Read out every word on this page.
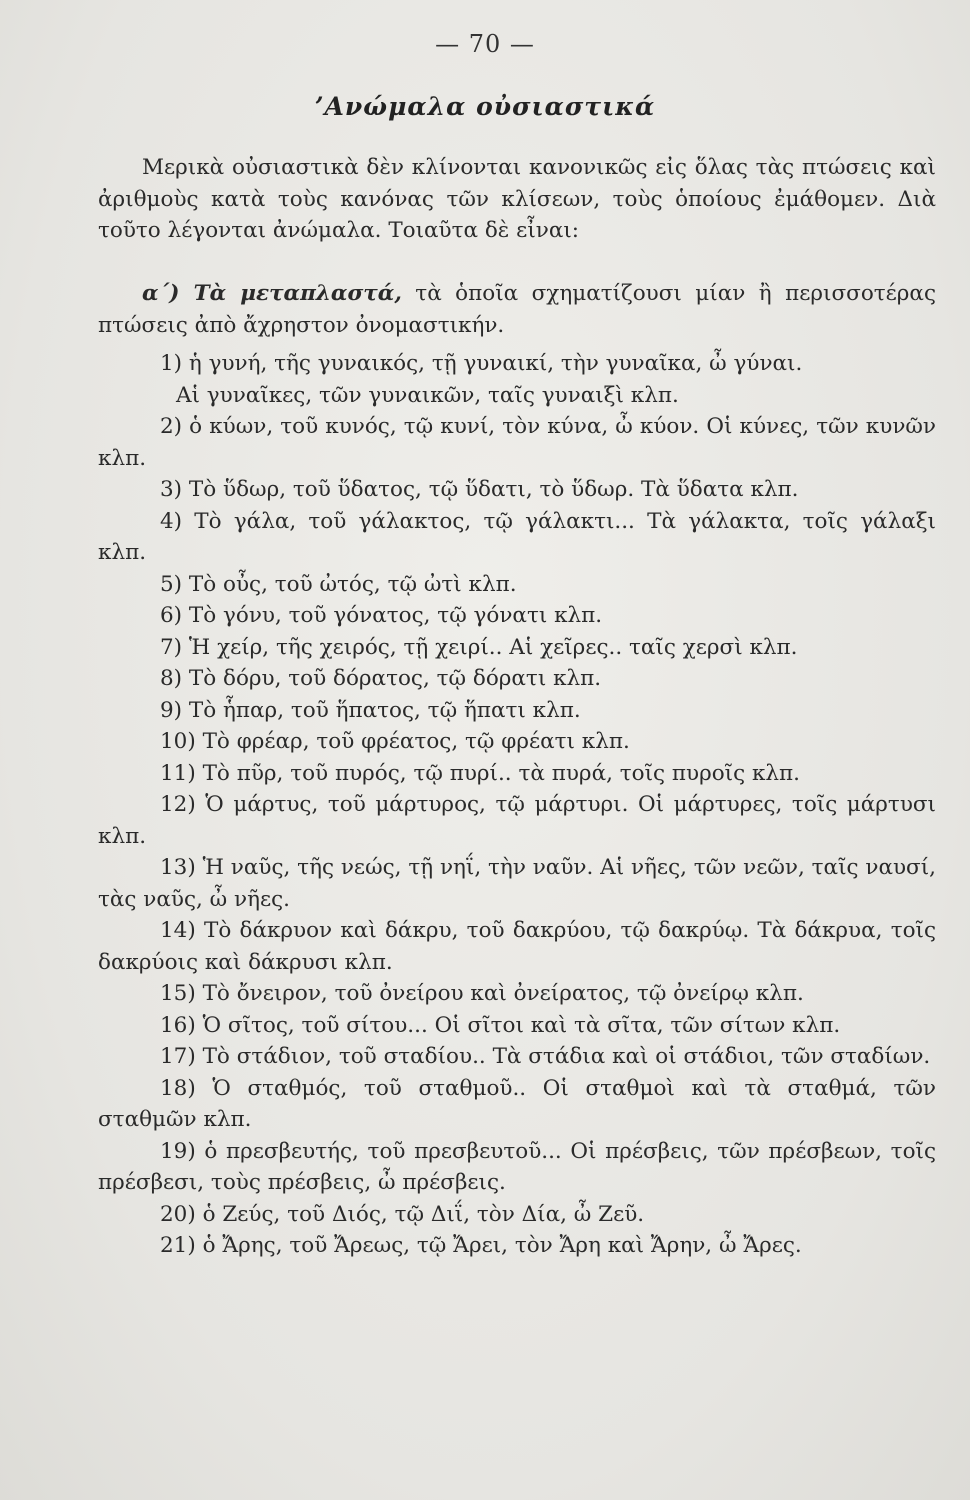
— 70 —
’Ανώμαλα οὐσιαστικά

Μερικὰ οὐσιαστικὰ δὲν κλίνονται κανονικῶς εἰς ὅλας τὰς πτώσεις καὶ ἀριθμοὺς κατὰ τοὺς κανόνας τῶν κλίσεων, τοὺς ὁποίους ἐμάθομεν. Διὰ τοῦτο λέγονται ἀνώμαλα. Τοιαῦτα δὲ εἶναι:

α΄) Τὰ μεταπλαστά, τὰ ὁποῖα σχηματίζουσι μίαν ἢ περισσοτέρας πτώσεις ἀπὸ ἄχρηστον ὀνομαστικήν.

1) ἡ γυνή, τῆς γυναικός, τῇ γυναικί, τὴν γυναῖκα, ὦ γύναι.

Αἱ γυναῖκες, τῶν γυναικῶν, ταῖς γυναιξὶ κλπ.

2) ὁ κύων, τοῦ κυνός, τῷ κυνί, τὸν κύνα, ὦ κύον. Οἱ κύνες, τῶν κυνῶν κλπ.

3) Τὸ ὕδωρ, τοῦ ὕδατος, τῷ ὕδατι, τὸ ὕδωρ. Τὰ ὕδατα κλπ.

4) Τὸ γάλα, τοῦ γάλακτος, τῷ γάλακτι... Τὰ γάλακτα, τοῖς γάλαξι κλπ.

5) Τὸ οὖς, τοῦ ὠτός, τῷ ὠτὶ κλπ.

6) Τὸ γόνυ, τοῦ γόνατος, τῷ γόνατι κλπ.

7) Ἡ χείρ, τῆς χειρός, τῇ χειρί.. Αἱ χεῖρες.. ταῖς χερσὶ κλπ.

8) Τὸ δόρυ, τοῦ δόρατος, τῷ δόρατι κλπ.

9) Τὸ ἧπαρ, τοῦ ἥπατος, τῷ ἥπατι κλπ.

10) Τὸ φρέαρ, τοῦ φρέατος, τῷ φρέατι κλπ.

11) Τὸ πῦρ, τοῦ πυρός, τῷ πυρί.. τὰ πυρά, τοῖς πυροῖς κλπ.

12) Ὁ μάρτυς, τοῦ μάρτυρος, τῷ μάρτυρι. Οἱ μάρτυρες, τοῖς μάρτυσι κλπ.

13) Ἡ ναῦς, τῆς νεώς, τῇ νηΐ, τὴν ναῦν. Αἱ νῆες, τῶν νεῶν, ταῖς ναυσί, τὰς ναῦς, ὦ νῆες.

14) Τὸ δάκρυον καὶ δάκρυ, τοῦ δακρύου, τῷ δακρύῳ. Τὰ δάκρυα, τοῖς δακρύοις καὶ δάκρυσι κλπ.

15) Τὸ ὄνειρον, τοῦ ὀνείρου καὶ ὀνείρατος, τῷ ὀνείρῳ κλπ.

16) Ὁ σῖτος, τοῦ σίτου... Οἱ σῖτοι καὶ τὰ σῖτα, τῶν σίτων κλπ.

17) Τὸ στάδιον, τοῦ σταδίου.. Τὰ στάδια καὶ οἱ στάδιοι, τῶν σταδίων.

18) Ὁ σταθμός, τοῦ σταθμοῦ.. Οἱ σταθμοὶ καὶ τὰ σταθμά, τῶν σταθμῶν κλπ.

19) ὁ πρεσβευτής, τοῦ πρεσβευτοῦ... Οἱ πρέσβεις, τῶν πρέσβεων, τοῖς πρέσβεσι, τοὺς πρέσβεις, ὦ πρέσβεις.

20) ὁ Ζεύς, τοῦ Διός, τῷ Διΐ, τὸν Δία, ὦ Ζεῦ.

21) ὁ Ἄρης, τοῦ Ἄρεως, τῷ Ἄρει, τὸν Ἄρη καὶ Ἄρην, ὦ Ἄρες.
